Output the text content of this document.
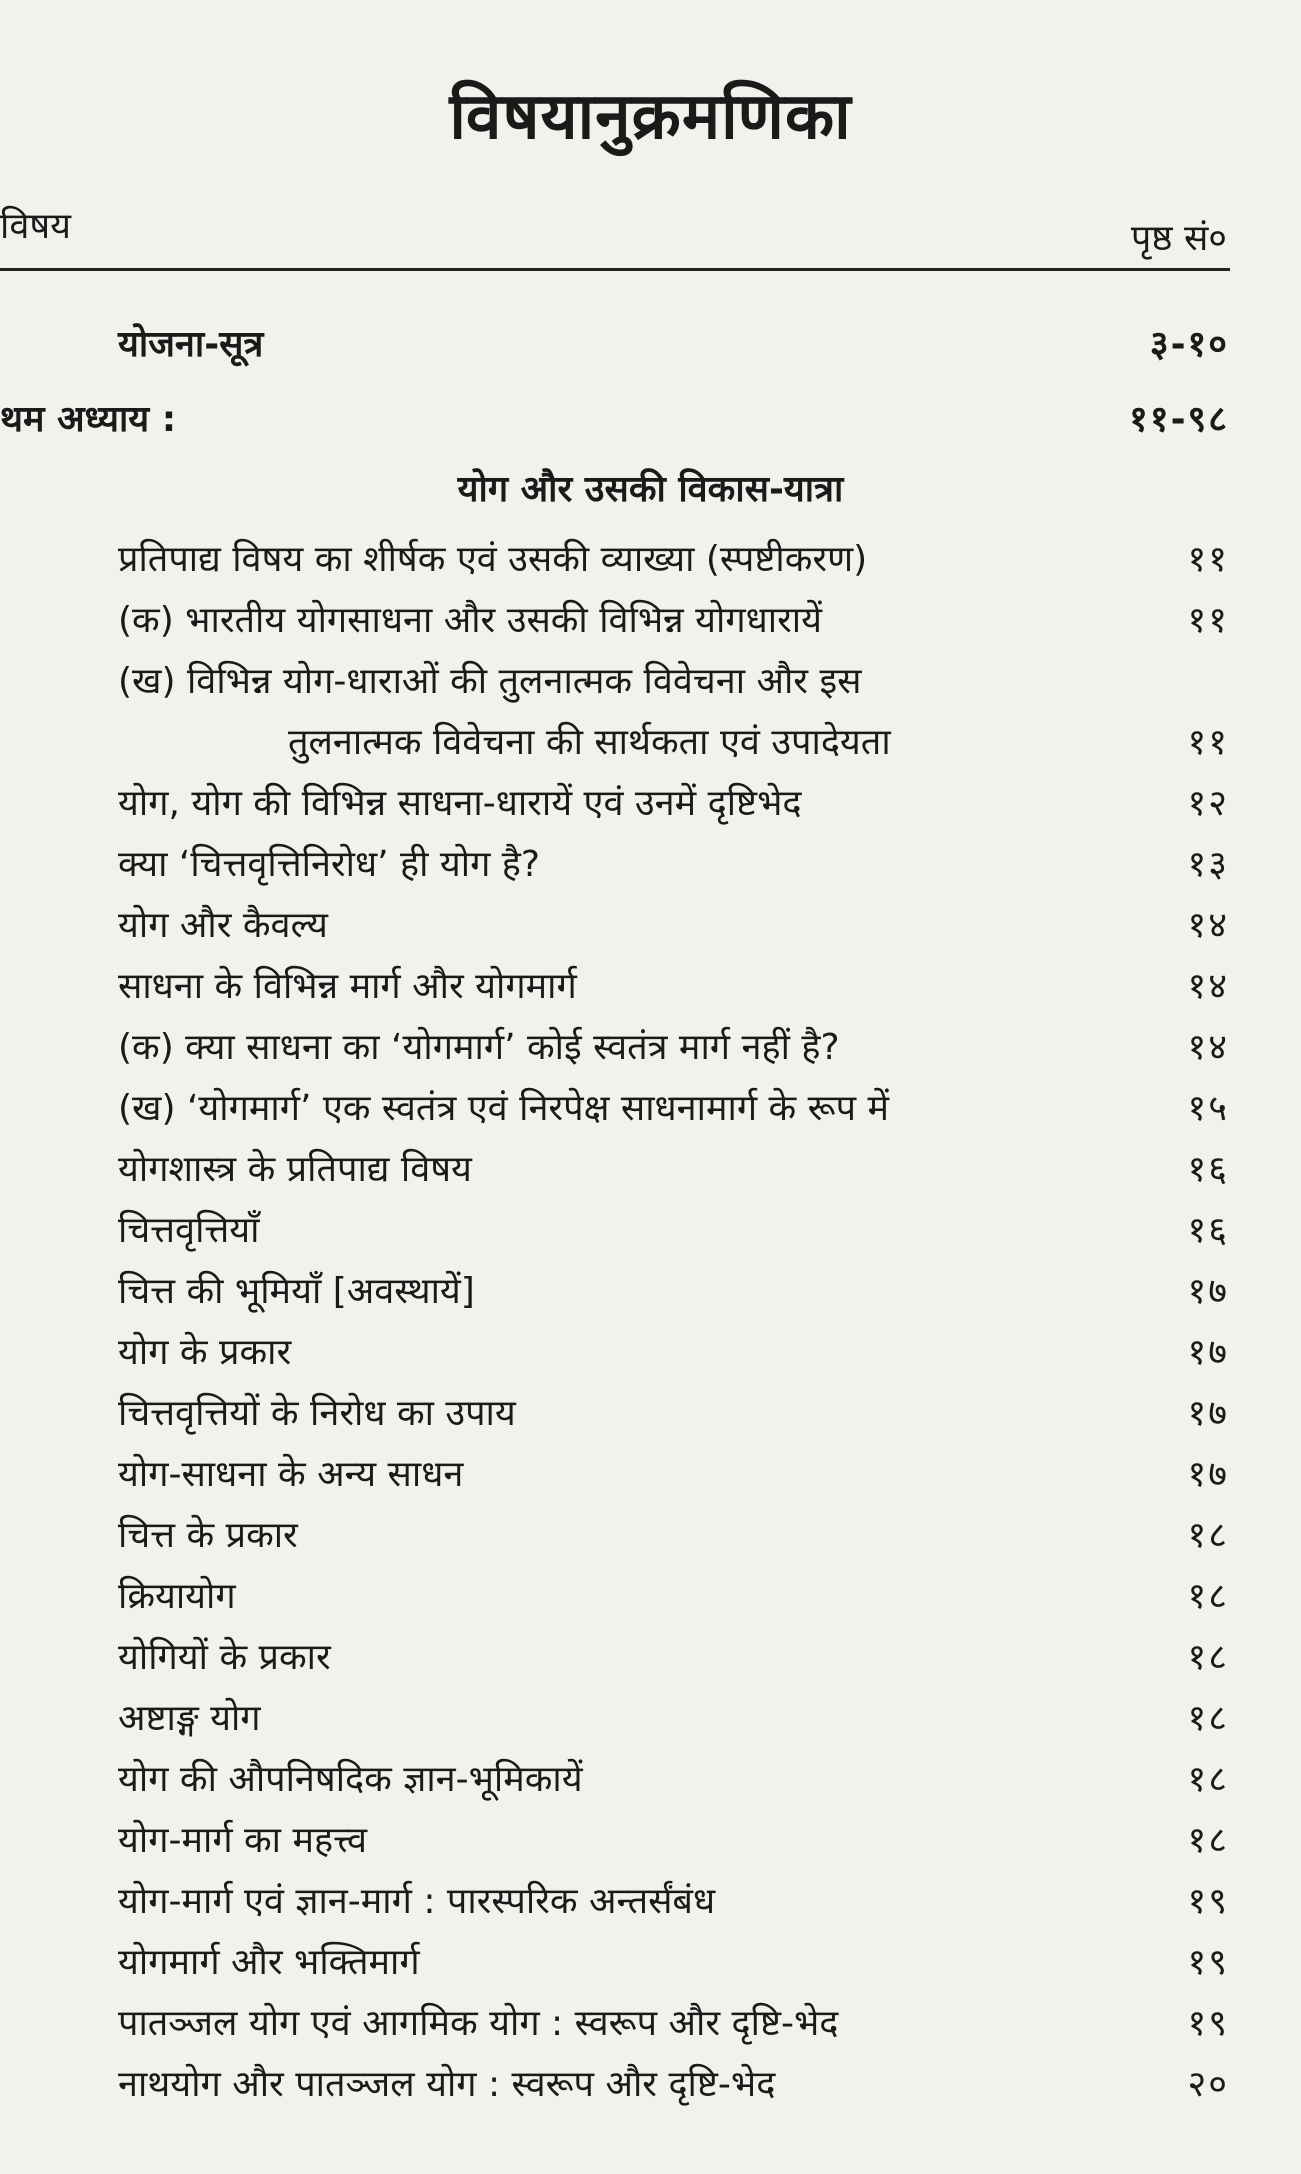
विषयानुक्रमणिका
विषय	पृष्ठ सं०
योजना-सूत्र	३-१०
थम अध्याय :	११-९८
योग और उसकी विकास-यात्रा
प्रतिपाद्य विषय का शीर्षक एवं उसकी व्याख्या (स्पष्टीकरण)	११
(क) भारतीय योगसाधना और उसकी विभिन्न योगधारायें	११
(ख) विभिन्न योग-धाराओं की तुलनात्मक विवेचना और इस
तुलनात्मक विवेचना की सार्थकता एवं उपादेयता	११
योग, योग की विभिन्न साधना-धारायें एवं उनमें दृष्टिभेद	१२
क्या ‘चित्तवृत्तिनिरोध’ ही योग है?	१३
योग और कैवल्य	१४
साधना के विभिन्न मार्ग और योगमार्ग	१४
(क) क्या साधना का ‘योगमार्ग’ कोई स्वतंत्र मार्ग नहीं है?	१४
(ख) ‘योगमार्ग’ एक स्वतंत्र एवं निरपेक्ष साधनामार्ग के रूप में	१५
योगशास्त्र के प्रतिपाद्य विषय	१६
चित्तवृत्तियाँ	१६
चित्त की भूमियाँ [अवस्थायें]	१७
योग के प्रकार	१७
चित्तवृत्तियों के निरोध का उपाय	१७
योग-साधना के अन्य साधन	१७
चित्त के प्रकार	१८
क्रियायोग	१८
योगियों के प्रकार	१८
अष्टाङ्ग योग	१८
योग की औपनिषदिक ज्ञान-भूमिकायें	१८
योग-मार्ग का महत्त्व	१८
योग-मार्ग एवं ज्ञान-मार्ग : पारस्परिक अन्तर्संबंध	१९
योगमार्ग और भक्तिमार्ग	१९
पातञ्जल योग एवं आगमिक योग : स्वरूप और दृष्टि-भेद	१९
नाथयोग और पातञ्जल योग : स्वरूप और दृष्टि-भेद	२०
